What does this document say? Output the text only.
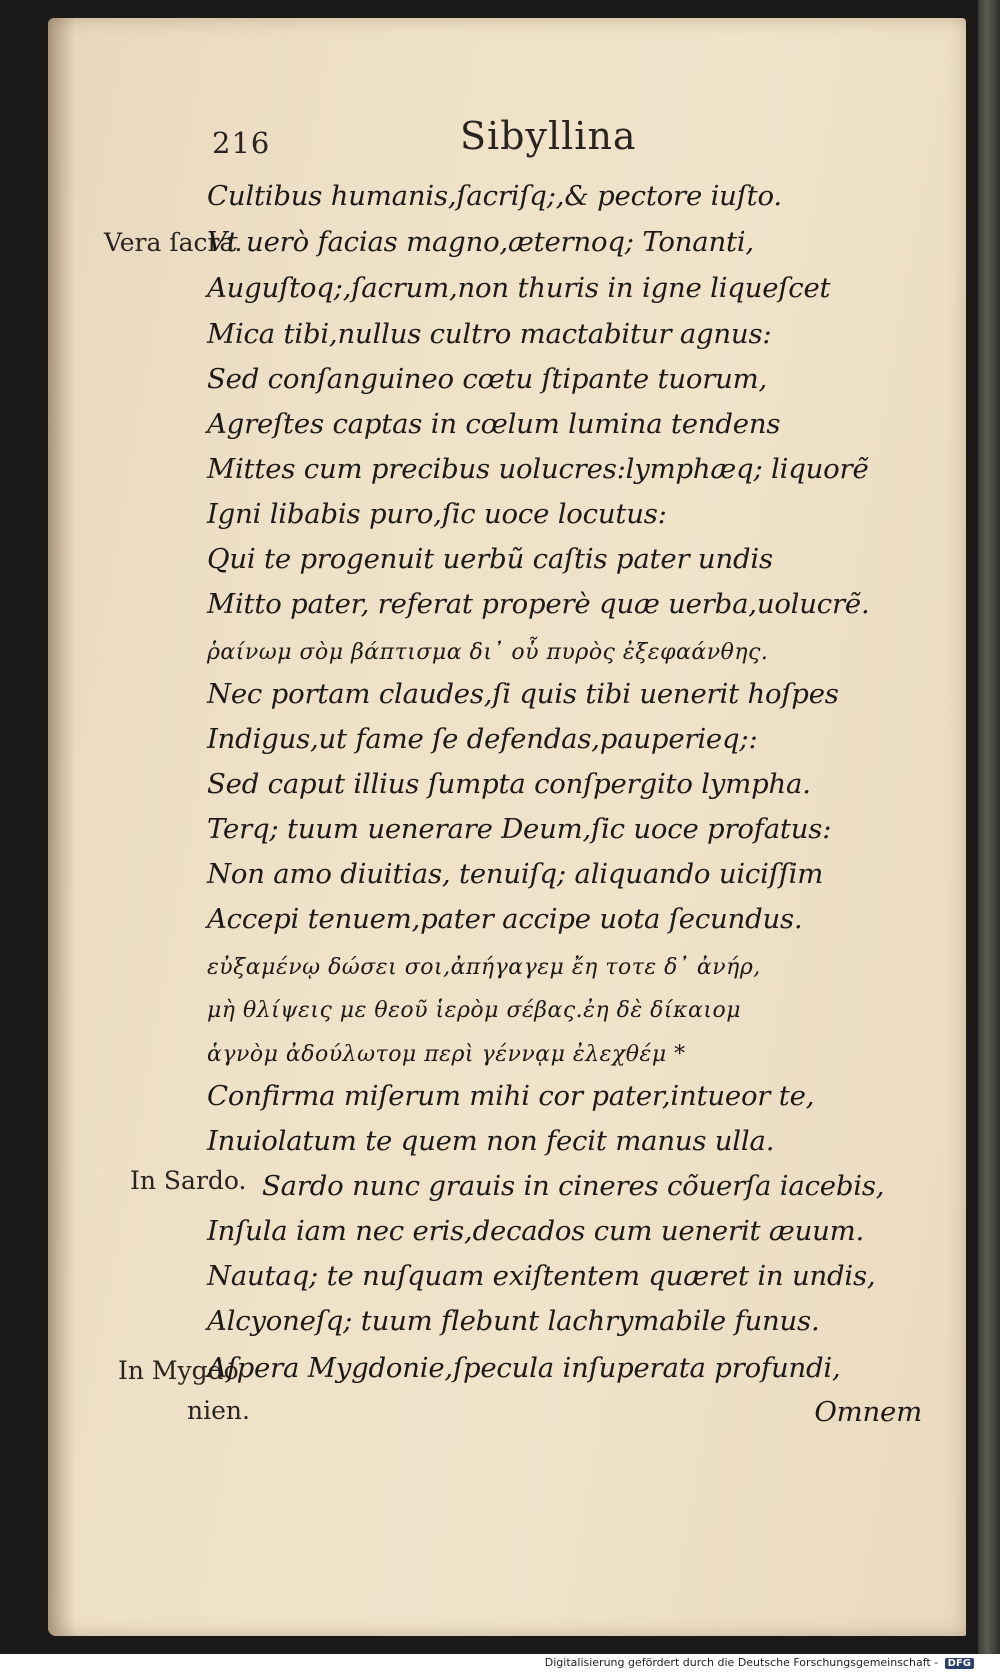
216	Sibyllina
Vera ſacra.
In Sardo.
In Mygdo
nien.
Cultibus humanis,ſacriſq;,& pectore iuſto.
Vt uerò facias magno,æternoq; Tonanti,
Auguſtoq;,ſacrum,non thuris in igne liqueſcet
Mica tibi,nullus cultro mactabitur agnus:
Sed conſanguineo cœtu ſtipante tuorum,
Agreſtes captas in cœlum lumina tendens
Mittes cum precibus uolucres:lymphæq; liquorẽ
Igni libabis puro,ſic uoce locutus:
Qui te progenuit uerbũ caſtis pater undis
Mitto pater, referat properè quæ uerba,uolucrẽ.
ῥαίνωμ σὸμ βάπτισμα δι᾽ οὗ πυρὸς ἐξεφαάνθης.
Nec portam claudes,ſi quis tibi uenerit hoſpes
Indigus,ut fame ſe defendas,pauperieq;:
Sed caput illius ſumpta conſpergito lympha.
Terq; tuum uenerare Deum,ſic uoce profatus:
Non amo diuitias, tenuiſq; aliquando uiciſſim
Accepi tenuem,pater accipe uota ſecundus.
εὐξαμένῳ δώσει σοι,ἀπήγαγεμ ἔη τοτε δ᾽ ἀνήρ,
μὴ θλίψεις με θεοῦ ἱερὸμ σέβας.ἐη δὲ δίκαιομ
ἁγνὸμ ἀδούλωτομ περὶ γέννᾳμ ἐλεχθέμ *
Confirma miſerum mihi cor pater,intueor te,
Inuiolatum te quem non fecit manus ulla.
Sardo nunc grauis in cineres cõuerſa iacebis,
Inſula iam nec eris,decados cum uenerit æuum.
Nautaq; te nuſquam exiſtentem quæret in undis,
Alcyoneſq; tuum flebunt lachrymabile funus.
Aſpera Mygdonie,ſpecula inſuperata profundi,
Omnem
Digitalisierung gefördert durch die Deutsche Forschungsgemeinschaft - DFG
